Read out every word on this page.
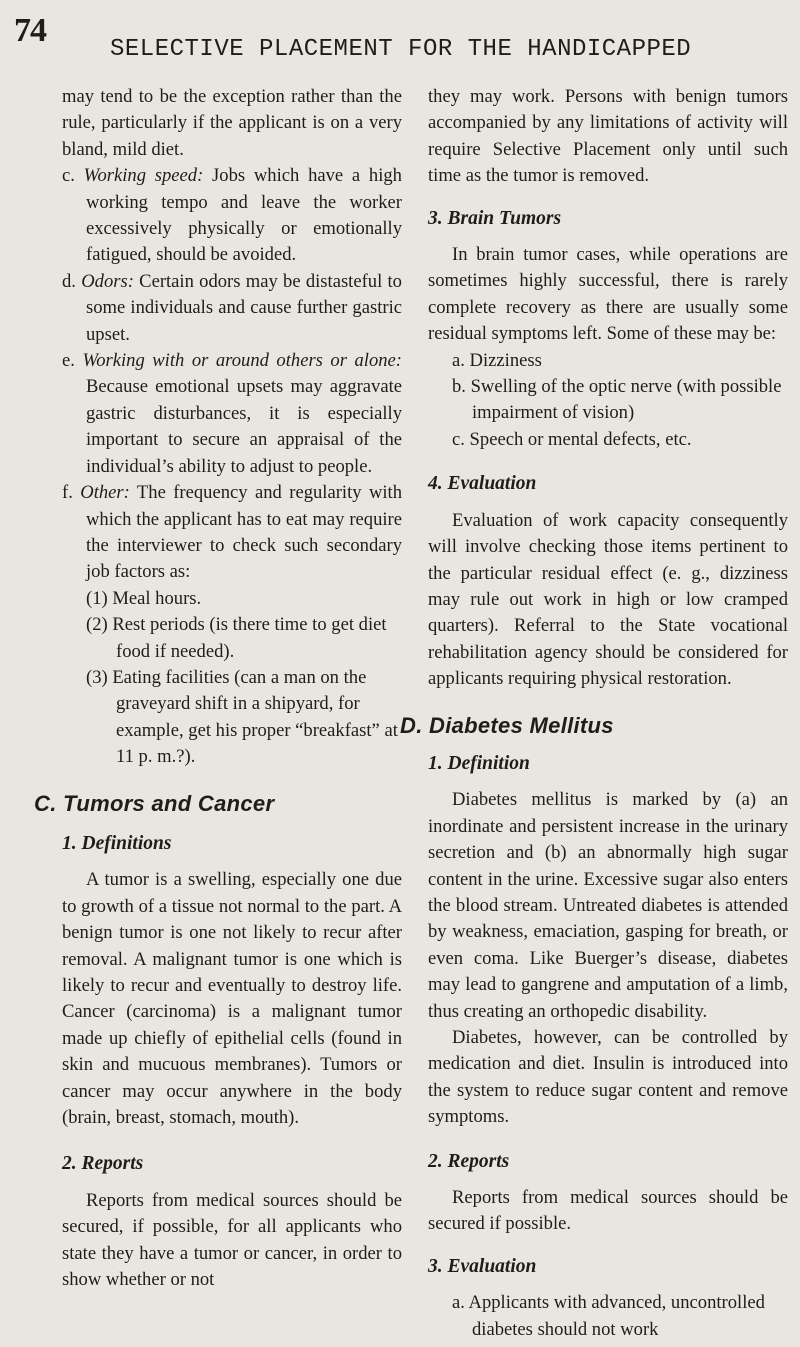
74
SELECTIVE PLACEMENT FOR THE HANDICAPPED

may tend to be the exception rather than the rule, particularly if the applicant is on a very bland, mild diet.

c. Working speed: Jobs which have a high working tempo and leave the worker excessively physically or emotionally fatigued, should be avoided.

d. Odors: Certain odors may be distasteful to some individuals and cause further gastric upset.

e. Working with or around others or alone: Because emotional upsets may aggravate gastric disturbances, it is especially important to secure an appraisal of the individual’s ability to adjust to people.

f. Other: The frequency and regularity with which the applicant has to eat may require the interviewer to check such secondary job factors as:

(1) Meal hours.

(2) Rest periods (is there time to get diet food if needed).

(3) Eating facilities (can a man on the graveyard shift in a shipyard, for example, get his proper “breakfast” at 11 p. m.?).

C. Tumors and Cancer
1. Definitions

A tumor is a swelling, especially one due to growth of a tissue not normal to the part. A benign tumor is one not likely to recur after removal. A malignant tumor is one which is likely to recur and eventually to destroy life. Cancer (carcinoma) is a malignant tumor made up chiefly of epithelial cells (found in skin and mucuous membranes). Tumors or cancer may occur anywhere in the body (brain, breast, stomach, mouth).

2. Reports

Reports from medical sources should be secured, if possible, for all applicants who state they have a tumor or cancer, in order to show whether or not

they may work. Persons with benign tumors accompanied by any limitations of activity will require Selective Placement only until such time as the tumor is removed.

3. Brain Tumors

In brain tumor cases, while operations are sometimes highly successful, there is rarely complete recovery as there are usually some residual symptoms left. Some of these may be:

a. Dizziness

b. Swelling of the optic nerve (with possible impairment of vision)

c. Speech or mental defects, etc.

4. Evaluation

Evaluation of work capacity consequently will involve checking those items pertinent to the particular residual effect (e. g., dizziness may rule out work in high or low cramped quarters). Referral to the State vocational rehabilitation agency should be considered for applicants requiring physical restoration.

D. Diabetes Mellitus
1. Definition

Diabetes mellitus is marked by (a) an inordinate and persistent increase in the urinary secretion and (b) an abnormally high sugar content in the urine. Excessive sugar also enters the blood stream. Untreated diabetes is attended by weakness, emaciation, gasping for breath, or even coma. Like Buerger’s disease, diabetes may lead to gangrene and amputation of a limb, thus creating an orthopedic disability.

Diabetes, however, can be controlled by medication and diet. Insulin is introduced into the system to reduce sugar content and remove symptoms.

2. Reports

Reports from medical sources should be secured if possible.

3. Evaluation

a. Applicants with advanced, uncontrolled diabetes should not work
